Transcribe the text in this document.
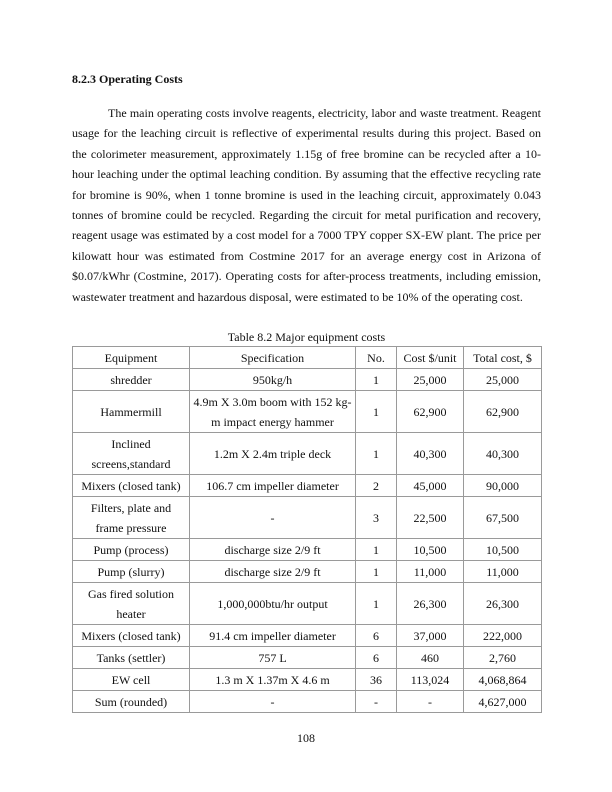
8.2.3 Operating Costs

The main operating costs involve reagents, electricity, labor and waste treatment. Reagent usage for the leaching circuit is reflective of experimental results during this project. Based on the colorimeter measurement, approximately 1.15g of free bromine can be recycled after a 10-hour leaching under the optimal leaching condition. By assuming that the effective recycling rate for bromine is 90%, when 1 tonne bromine is used in the leaching circuit, approximately 0.043 tonnes of bromine could be recycled. Regarding the circuit for metal purification and recovery, reagent usage was estimated by a cost model for a 7000 TPY copper SX-EW plant. The price per kilowatt hour was estimated from Costmine 2017 for an average energy cost in Arizona of $0.07/kWhr (Costmine, 2017). Operating costs for after-process treatments, including emission, wastewater treatment and hazardous disposal, were estimated to be 10% of the operating cost.

Table 8.2 Major equipment costs
Equipment	Specification	No.	Cost $/unit	Total cost, $
shredder	950kg/h	1	25,000	25,000
Hammermill	4.9m X 3.0m boom with 152 kg-m impact energy hammer	1	62,900	62,900
Inclined screens,standard	1.2m X 2.4m triple deck	1	40,300	40,300
Mixers (closed tank)	106.7 cm impeller diameter	2	45,000	90,000
Filters, plate and frame pressure	-	3	22,500	67,500
Pump (process)	discharge size 2/9 ft	1	10,500	10,500
Pump (slurry)	discharge size 2/9 ft	1	11,000	11,000
Gas fired solution heater	1,000,000btu/hr output	1	26,300	26,300
Mixers (closed tank)	91.4 cm impeller diameter	6	37,000	222,000
Tanks (settler)	757 L	6	460	2,760
EW cell	1.3 m X 1.37m X 4.6 m	36	113,024	4,068,864
Sum (rounded)	-	-	-	4,627,000
108
